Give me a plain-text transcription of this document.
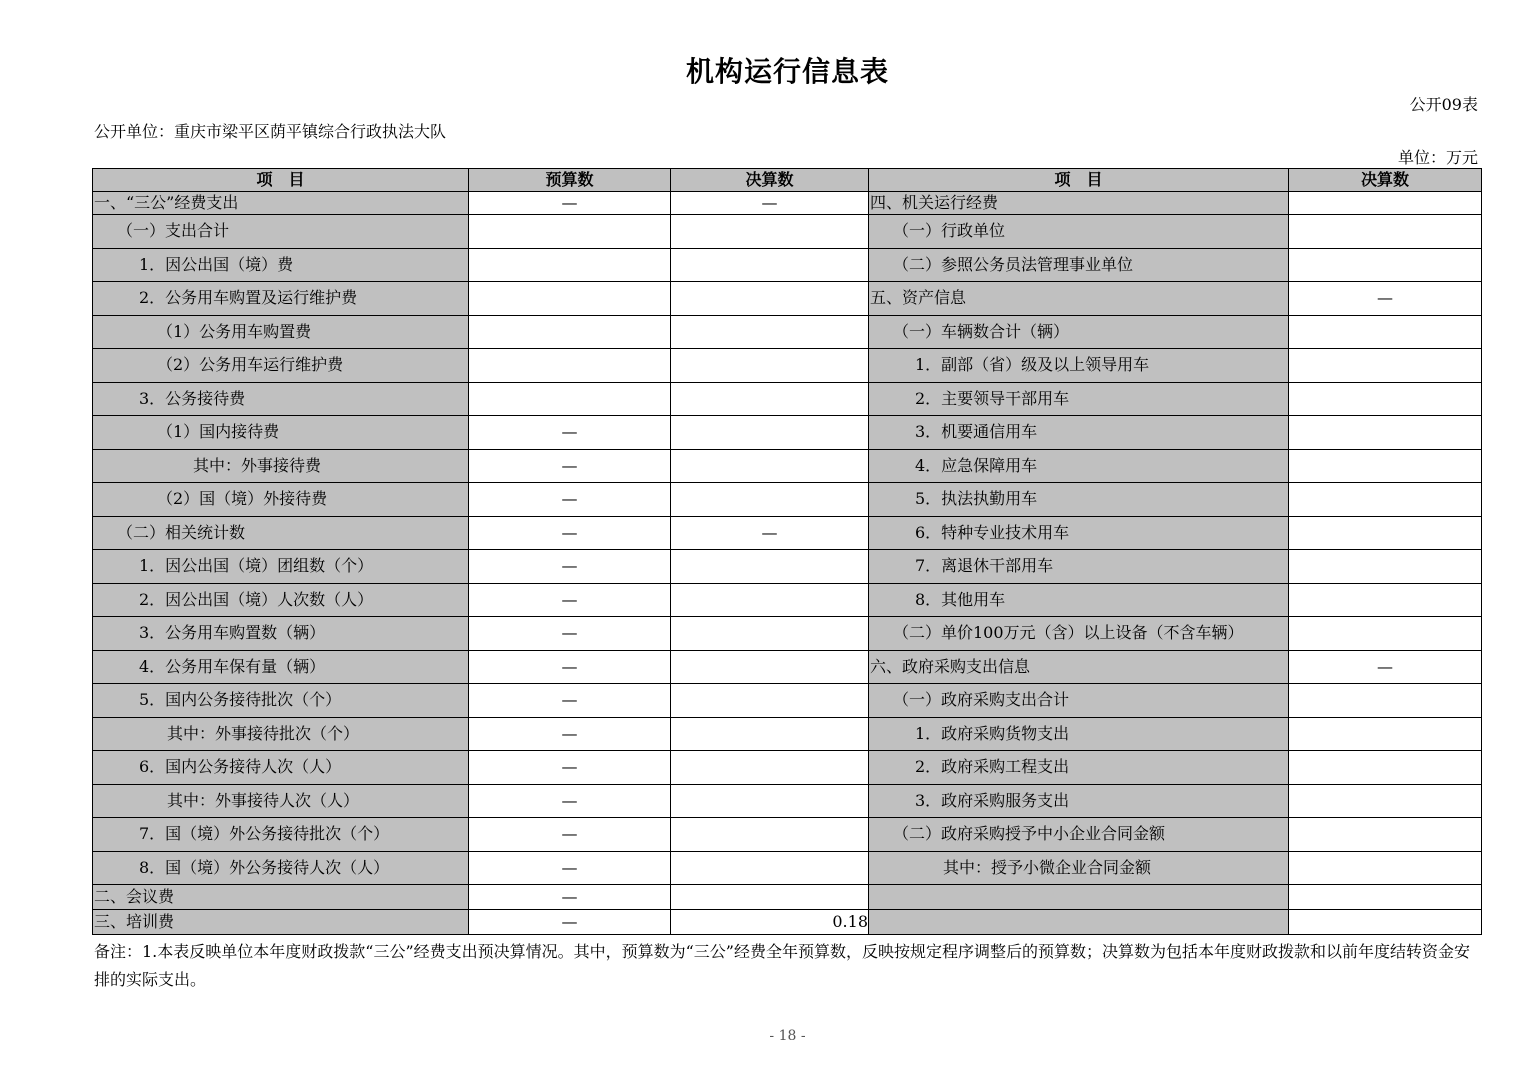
机构运行信息表
公开09表
公开单位：重庆市梁平区荫平镇综合行政执法大队
单位：万元
项　目	预算数	决算数	项　目	决算数
一、“三公”经费支出	—	—	四、机关运行经费	
（一）支出合计			（一）行政单位	
1．因公出国（境）费			（二）参照公务员法管理事业单位	
2．公务用车购置及运行维护费			五、资产信息	—
（1）公务用车购置费			（一）车辆数合计（辆）	
（2）公务用车运行维护费			1．副部（省）级及以上领导用车	
3．公务接待费			2．主要领导干部用车	
（1）国内接待费	—		3．机要通信用车	
其中：外事接待费	—		4．应急保障用车	
（2）国（境）外接待费	—		5．执法执勤用车	
（二）相关统计数	—	—	6．特种专业技术用车	
1．因公出国（境）团组数（个）	—		7．离退休干部用车	
2．因公出国（境）人次数（人）	—		8．其他用车	
3．公务用车购置数（辆）	—		（二）单价100万元（含）以上设备（不含车辆）	
4．公务用车保有量（辆）	—		六、政府采购支出信息	—
5．国内公务接待批次（个）	—		（一）政府采购支出合计	
其中：外事接待批次（个）	—		1．政府采购货物支出	
6．国内公务接待人次（人）	—		2．政府采购工程支出	
其中：外事接待人次（人）	—		3．政府采购服务支出	
7．国（境）外公务接待批次（个）	—		（二）政府采购授予中小企业合同金额	
8．国（境）外公务接待人次（人）	—		其中：授予小微企业合同金额	
二、会议费	—			
三、培训费	—	0.18		
备注：1.本表反映单位本年度财政拨款“三公”经费支出预决算情况。其中，预算数为“三公”经费全年预算数，反映按规定程序调整后的预算数；决算数为包括本年度财政拨款和以前年度结转资金安排的实际支出。
- 18 -
